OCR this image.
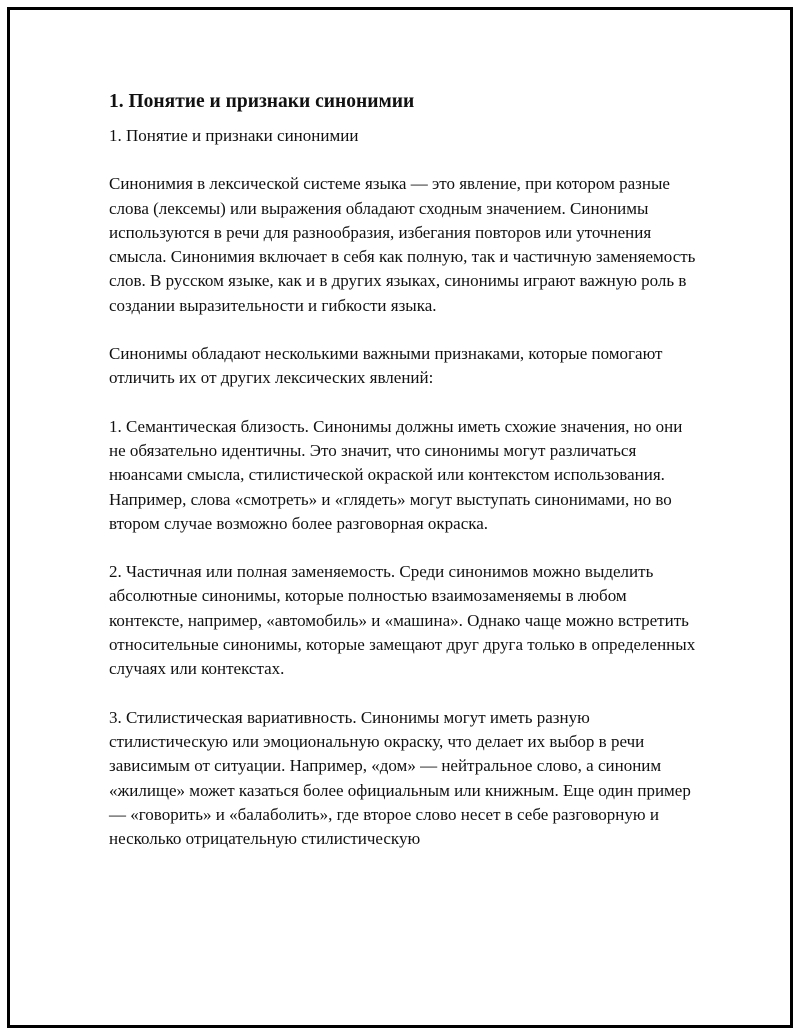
1. Понятие и признаки синонимии

1. Понятие и признаки синонимии

Синонимия в лексической системе языка — это явление, при котором разные слова (лексемы) или выражения обладают сходным значением. Синонимы используются в речи для разнообразия, избегания повторов или уточнения смысла. Синонимия включает в себя как полную, так и частичную заменяемость слов. В русском языке, как и в других языках, синонимы играют важную роль в создании выразительности и гибкости языка.

Синонимы обладают несколькими важными признаками, которые помогают отличить их от других лексических явлений:

1. Семантическая близость. Синонимы должны иметь схожие значения, но они не обязательно идентичны. Это значит, что синонимы могут различаться нюансами смысла, стилистической окраской или контекстом использования. Например, слова «смотреть» и «глядеть» могут выступать синонимами, но во втором случае возможно более разговорная окраска.

2. Частичная или полная заменяемость. Среди синонимов можно выделить абсолютные синонимы, которые полностью взаимозаменяемы в любом контексте, например, «автомобиль» и «машина». Однако чаще можно встретить относительные синонимы, которые замещают друг друга только в определенных случаях или контекстах.

3. Стилистическая вариативность. Синонимы могут иметь разную стилистическую или эмоциональную окраску, что делает их выбор в речи зависимым от ситуации. Например, «дом» — нейтральное слово, а синоним «жилище» может казаться более официальным или книжным. Еще один пример — «говорить» и «балаболить», где второе слово несет в себе разговорную и несколько отрицательную стилистическую
